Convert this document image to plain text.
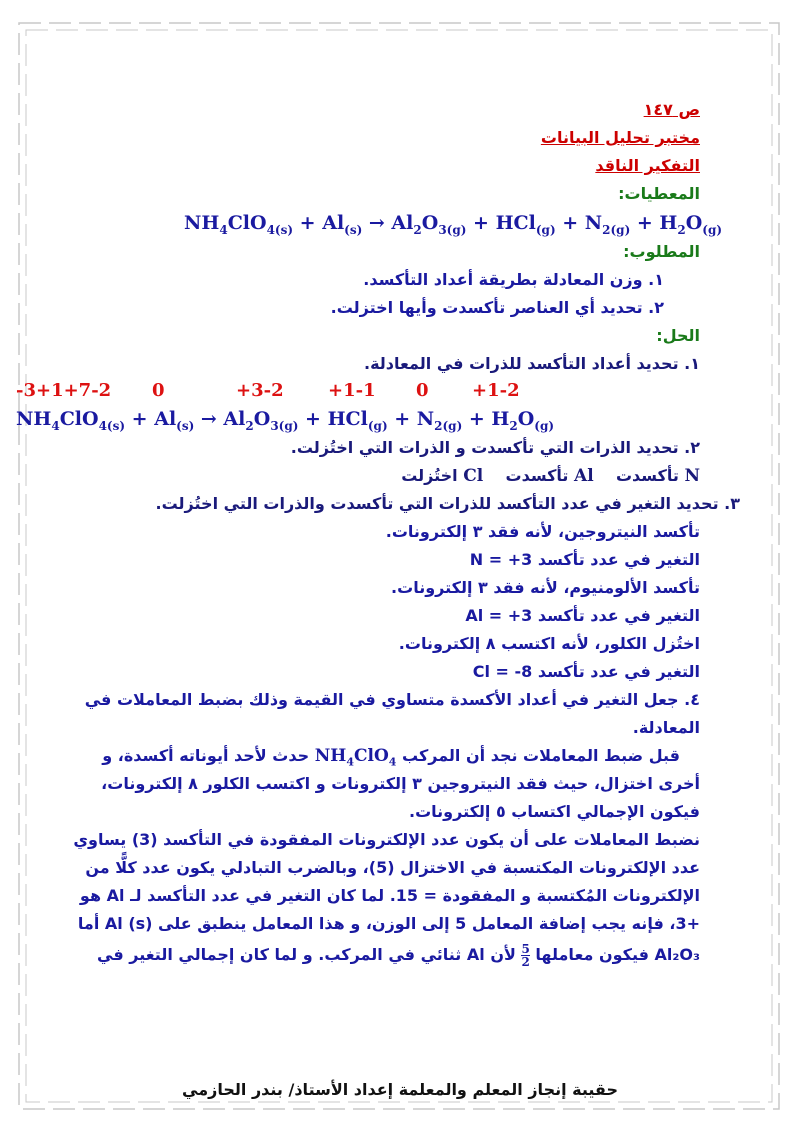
ص ١٤٧
مختبر تحليل البيانات
التفكير الناقد
المعطيات:
$NH_4ClO_{4(s)} + Al_{(s)} \to Al_2O_{3(g)} + HCl_{(g)} + N_{2(g)} + H_2O_{(g)}$
المطلوب:
١. وزن المعادلة بطريقة أعداد التأكسد.
٢. تحديد أي العناصر تأكسدت وأيها اختزلت.
الحل:
١. تحديد أعداد التأكسد للذرات في المعادلة.
-3+1+7-2 0	+3-2 +1-1 0 +1-2
$NH_4ClO_{4(s)} + Al_{(s)} \to Al_2O_{3(g)} + HCl_{(g)} + N_{2(g)} + H_2O_{(g)}$
٢. تحديد الذرات التي تأكسدت و الذرات التي اختُزلت.
N تأكسدت    Al تأكسدت    Cl اختُزلت
٣. تحديد التغير في عدد التأكسد للذرات التي تأكسدت والذرات التي اختُزلت.
تأكسد النيتروجين، لأنه فقد ٣ إلكترونات.
التغير في عدد تأكسد N = +3
تأكسد الألومنيوم، لأنه فقد ٣ إلكترونات.
التغير في عدد تأكسد Al = +3
اختُزل الكلور، لأنه اكتسب ٨ إلكترونات.
التغير في عدد تأكسد Cl = -8
٤. جعل التغير في أعداد الأكسدة متساوي في القيمة وذلك بضبط المعاملات في
المعادلة.
قبل ضبط المعاملات نجد أن المركب $NH_4ClO_4$ حدث لأحد أيوناته أكسدة، و
أخرى اختزال، حيث فقد النيتروجين ٣ إلكترونات و اكتسب الكلور ٨ إلكترونات،
فيكون الإجمالي اكتساب ٥ إلكترونات.
نضبط المعاملات على أن يكون عدد الإلكترونات المفقودة في التأكسد (3) يساوي
عدد الإلكترونات المكتسبة في الاختزال (5)، وبالضرب التبادلي يكون عدد كلًّا من
الإلكترونات المُكتسبة و المفقودة = 15. لما كان التغير في عدد التأكسد لـ Al هو
+3، فإنه يجب إضافة المعامل 5 إلى الوزن، و هذا المعامل ينطبق على Al (s) أما
Al₂O₃ فيكون معاملها
$\frac{5}{2}$
لأن Al ثنائي في المركب. و لما كان إجمالي التغير في
حقيبة إنجاز المعلم والمعلمة إعداد الأستاذ/ بندر الحازمي
